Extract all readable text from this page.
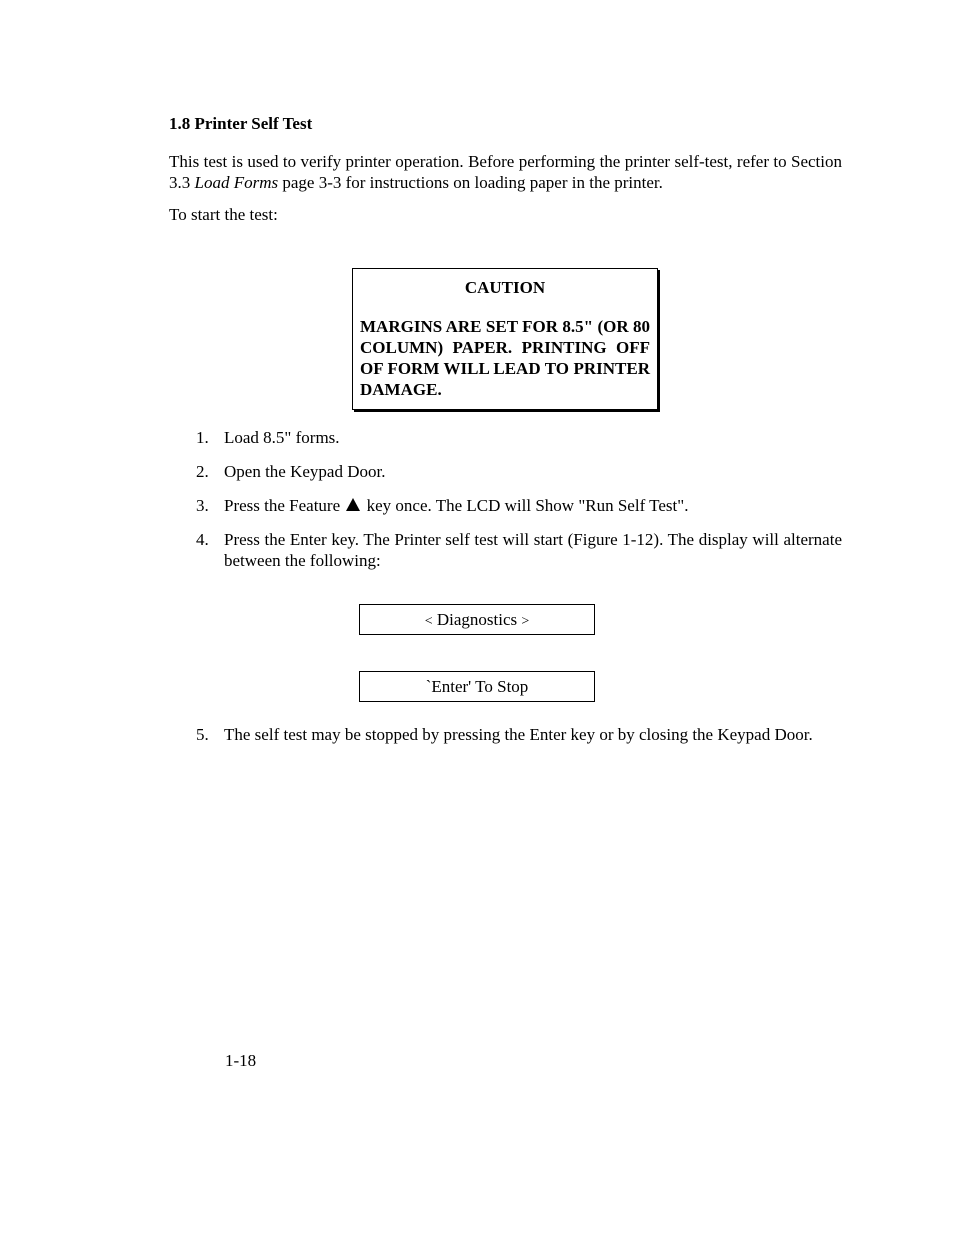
1.8 Printer Self Test
This test is used to verify printer operation. Before performing the printer self-test, refer to Section 3.3 Load Forms page 3-3 for instructions on loading paper in the printer.
To start the test:
CAUTION
MARGINS ARE SET FOR 8.5" (OR 80 COLUMN) PAPER. PRINTING OFF OF FORM WILL LEAD TO PRINTER DAMAGE.
1. Load 8.5" forms.
2. Open the Keypad Door.
3. Press the Feature  key once. The LCD will Show "Run Self Test".
4. Press the Enter key. The Printer self test will start (Figure 1-12). The display will alternate between the following:
< Diagnostics >
`Enter' To Stop
5. The self test may be stopped by pressing the Enter key or by closing the Keypad Door.
1-18
